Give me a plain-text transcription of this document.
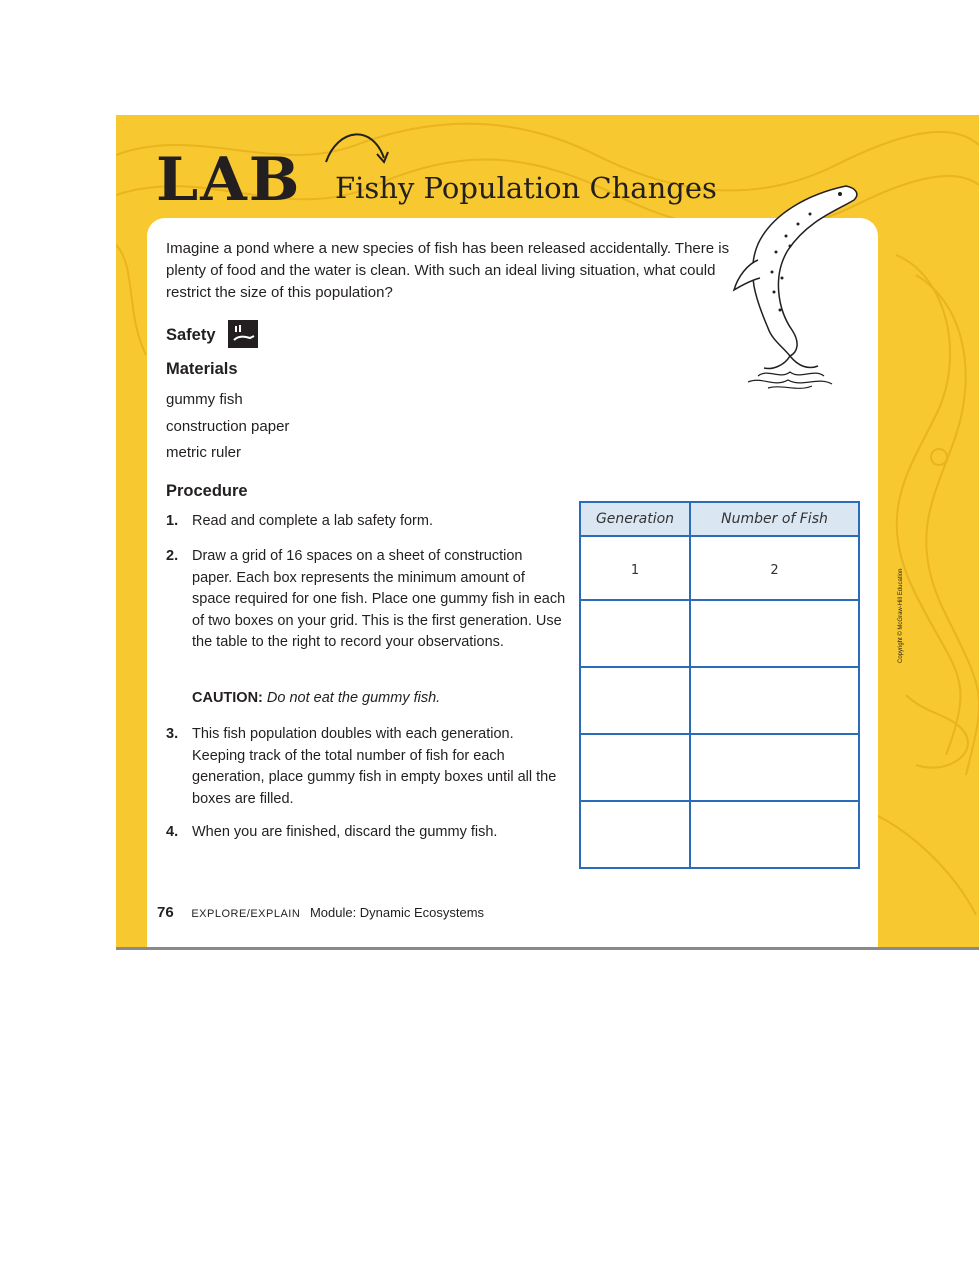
LAB Fishy Population Changes
Imagine a pond where a new species of fish has been released accidentally. There is plenty of food and the water is clean. With such an ideal living situation, what could restrict the size of this population?
Safety
Materials
gummy fish
construction paper
metric ruler
Procedure
1. Read and complete a lab safety form.
2. Draw a grid of 16 spaces on a sheet of construction paper. Each box represents the minimum amount of space required for one fish. Place one gummy fish in each of two boxes on your grid. This is the first generation. Use the table to the right to record your observations.
CAUTION: Do not eat the gummy fish.
3. This fish population doubles with each generation. Keeping track of the total number of fish for each generation, place gummy fish in empty boxes until all the boxes are filled.
4. When you are finished, discard the gummy fish.
Generation	Number of Fish
1	2

		Copyright © McGraw-Hill Education
76 EXPLORE/EXPLAIN Module: Dynamic Ecosystems
